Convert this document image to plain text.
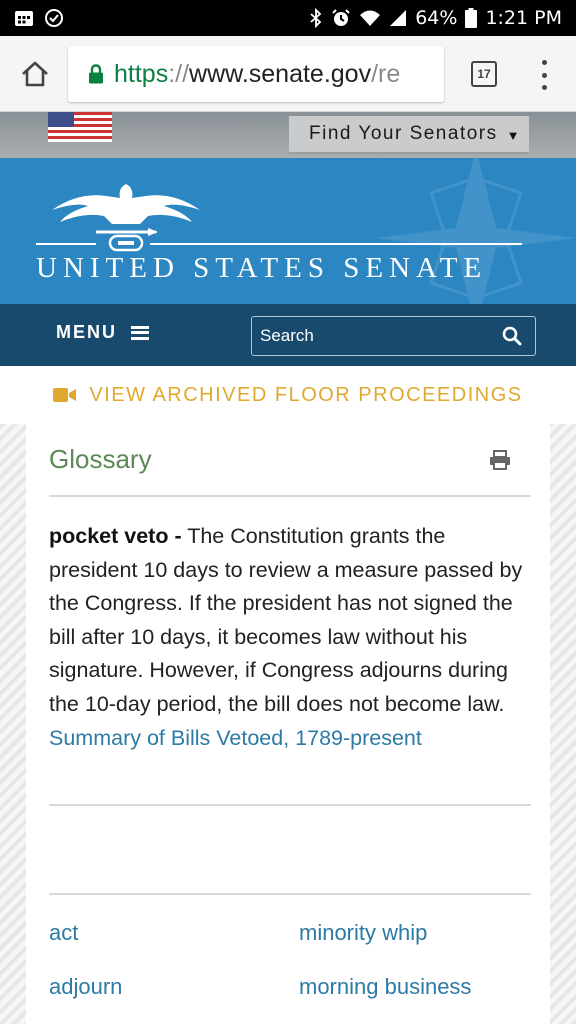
64% 1:21 PM
https://www.senate.gov/re	17
Find Your Senators ▼
UNITED STATES SENATE
MENU
Search
VIEW ARCHIVED FLOOR PROCEEDINGS
Glossary
pocket veto - The Constitution grants the president 10 days to review a measure passed by the Congress. If the president has not signed the bill after 10 days, it becomes law without his signature. However, if Congress adjourns during the 10-day period, the bill does not become law. Summary of Bills Vetoed, 1789-present
act	minority whip
adjourn	morning business
